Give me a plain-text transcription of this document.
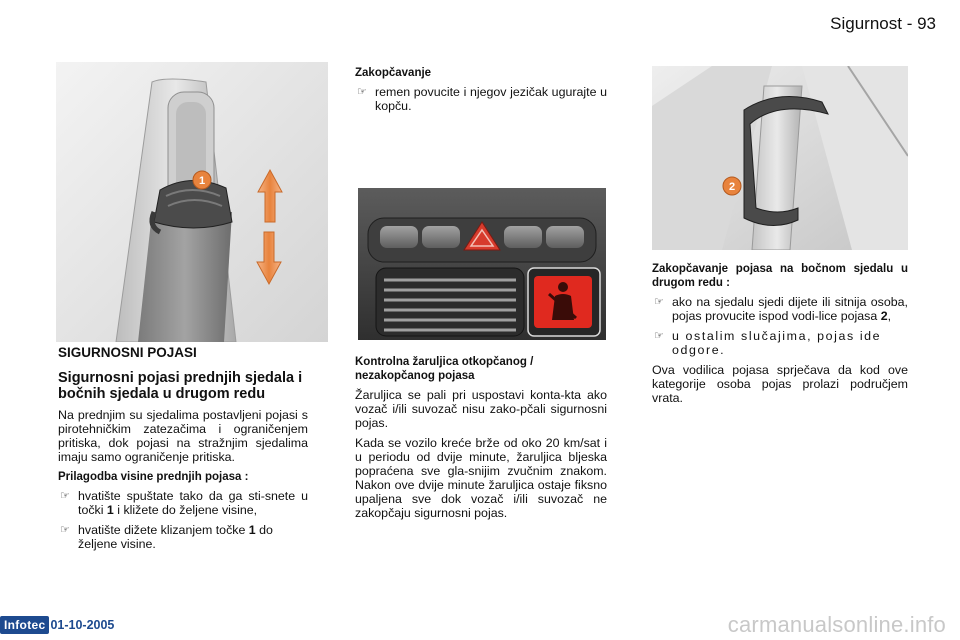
Sigurnost - 93
1	2
SIGURNOSNI POJASI
Sigurnosni pojasi prednjih sjedala i bočnih sjedala u drugom redu

Na prednjim su sjedalima postavljeni pojasi s pirotehničkim zatezačima i ograničenjem pritiska, dok pojasi na stražnjim sjedalima imaju samo ograničenje pritiska.

Prilagodba visine prednjih pojasa :
☞ hvatište spuštate tako da ga sti-snete u točki 1 i kližete do željene visine,
☞ hvatište dižete klizanjem točke 1 do željene visine.
Zakopčavanje
☞ remen povucite i njegov jezičak ugurajte u kopču.
Kontrolna žaruljica otkopčanog / nezakopčanog pojasa

Žaruljica se pali pri uspostavi konta-kta ako vozač i/ili suvozač nisu zako-pčali sigurnosni pojas.

Kada se vozilo kreće brže od oko 20 km/sat i u periodu od dvije minute, žaruljica bljeska popraćena sve gla-snijim zvučnim znakom. Nakon ove dvije minute žaruljica ostaje fiksno upaljena sve dok vozač i/ili suvozač ne zakopčaju sigurnosni pojas.

Zakopčavanje pojasa na bočnom sjedalu u drugom redu :
☞ ako na sjedalu sjedi dijete ili sitnija osoba, pojas provucite ispod vodi-lice pojasa 2,
☞ u ostalim slučajima, pojas ide odgore.

Ova vodilica pojasa sprječava da kod ove kategorije osoba pojas prolazi područjem vrata.

Infotec 01-10-2005	carmanualsonline.info
